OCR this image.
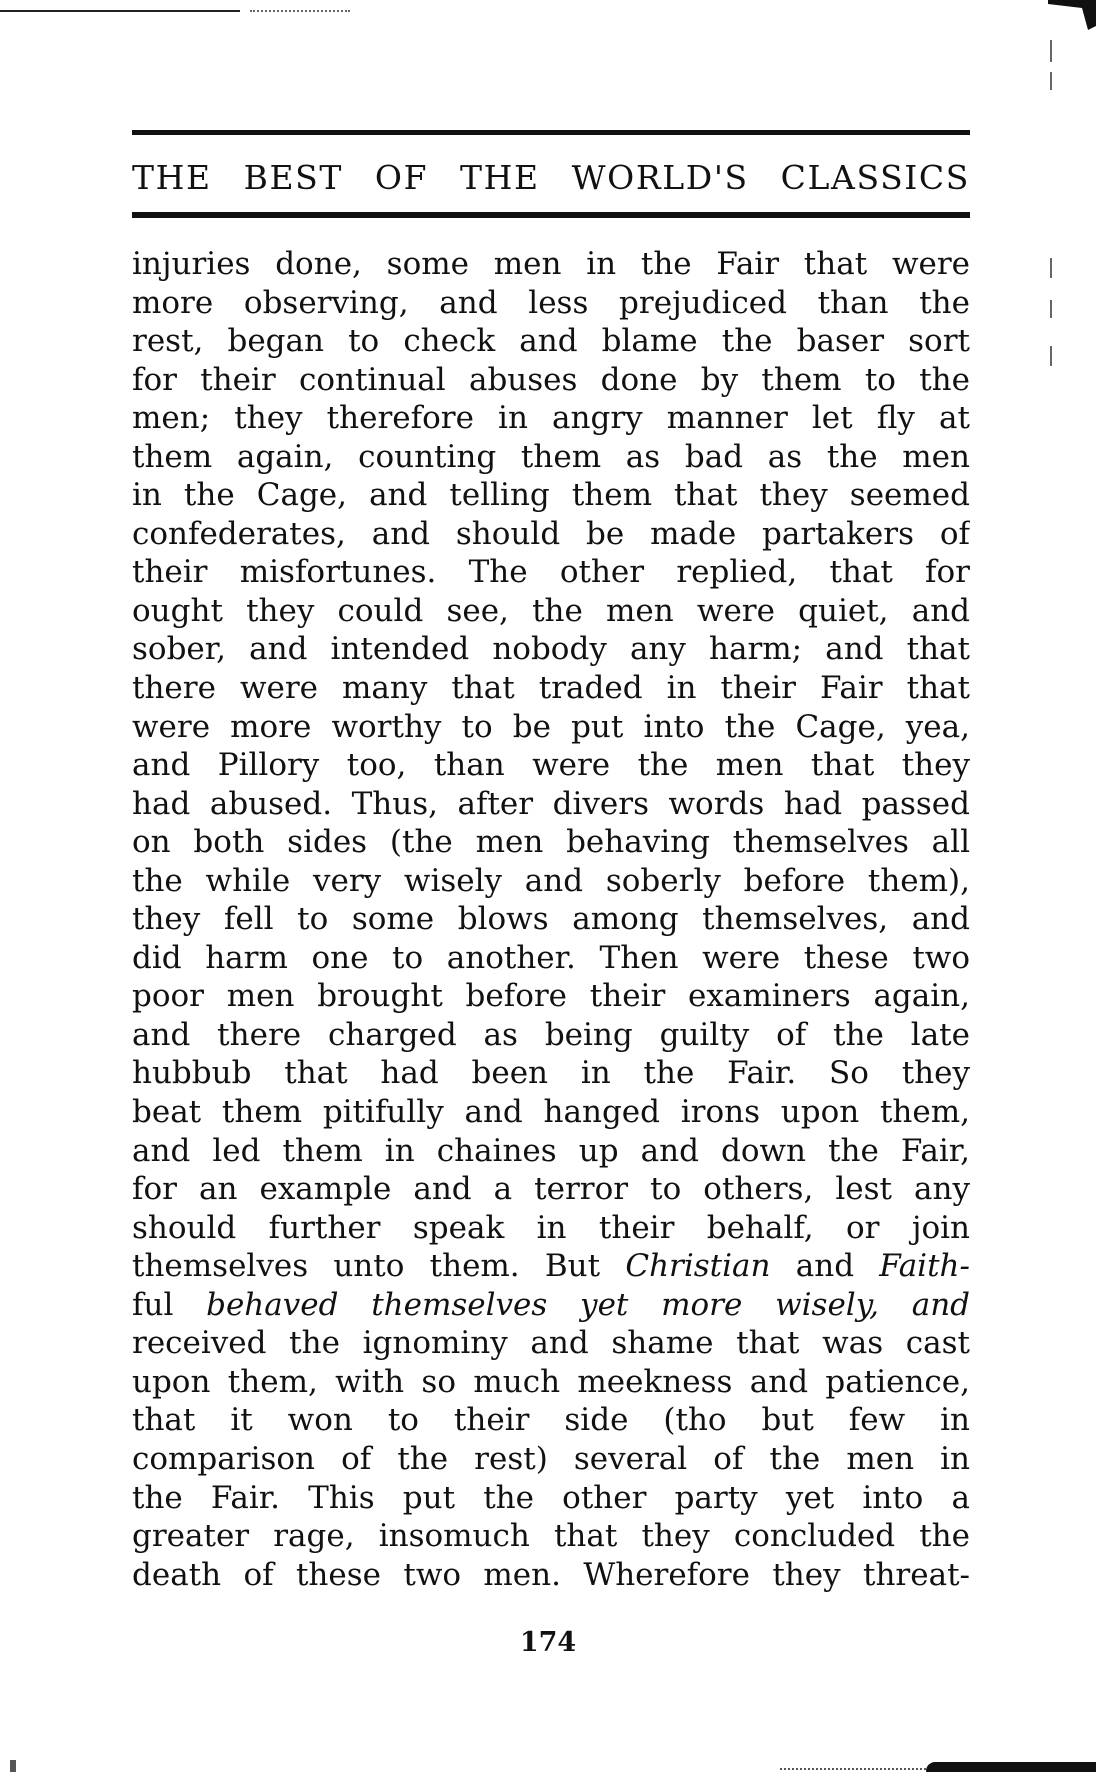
THE BEST OF THE WORLD'S CLASSICS
injuries done, some men in the Fair that were
more observing, and less prejudiced than the
rest, began to check and blame the baser sort
for their continual abuses done by them to the
men; they therefore in angry manner let fly at
them again, counting them as bad as the men
in the Cage, and telling them that they seemed
confederates, and should be made partakers of
their misfortunes. The other replied, that for
ought they could see, the men were quiet, and
sober, and intended nobody any harm; and that
there were many that traded in their Fair that
were more worthy to be put into the Cage, yea,
and Pillory too, than were the men that they
had abused. Thus, after divers words had passed
on both sides (the men behaving themselves all
the while very wisely and soberly before them),
they fell to some blows among themselves, and
did harm one to another. Then were these two
poor men brought before their examiners again,
and there charged as being guilty of the late
hubbub that had been in the Fair. So they
beat them pitifully and hanged irons upon them,
and led them in chaines up and down the Fair,
for an example and a terror to others, lest any
should further speak in their behalf, or join
themselves unto them. But Christian and Faith-
ful behaved themselves yet more wisely, and
received the ignominy and shame that was cast
upon them, with so much meekness and patience,
that it won to their side (tho but few in
comparison of the rest) several of the men in
the Fair. This put the other party yet into a
greater rage, insomuch that they concluded the
death of these two men. Wherefore they threat-
174
